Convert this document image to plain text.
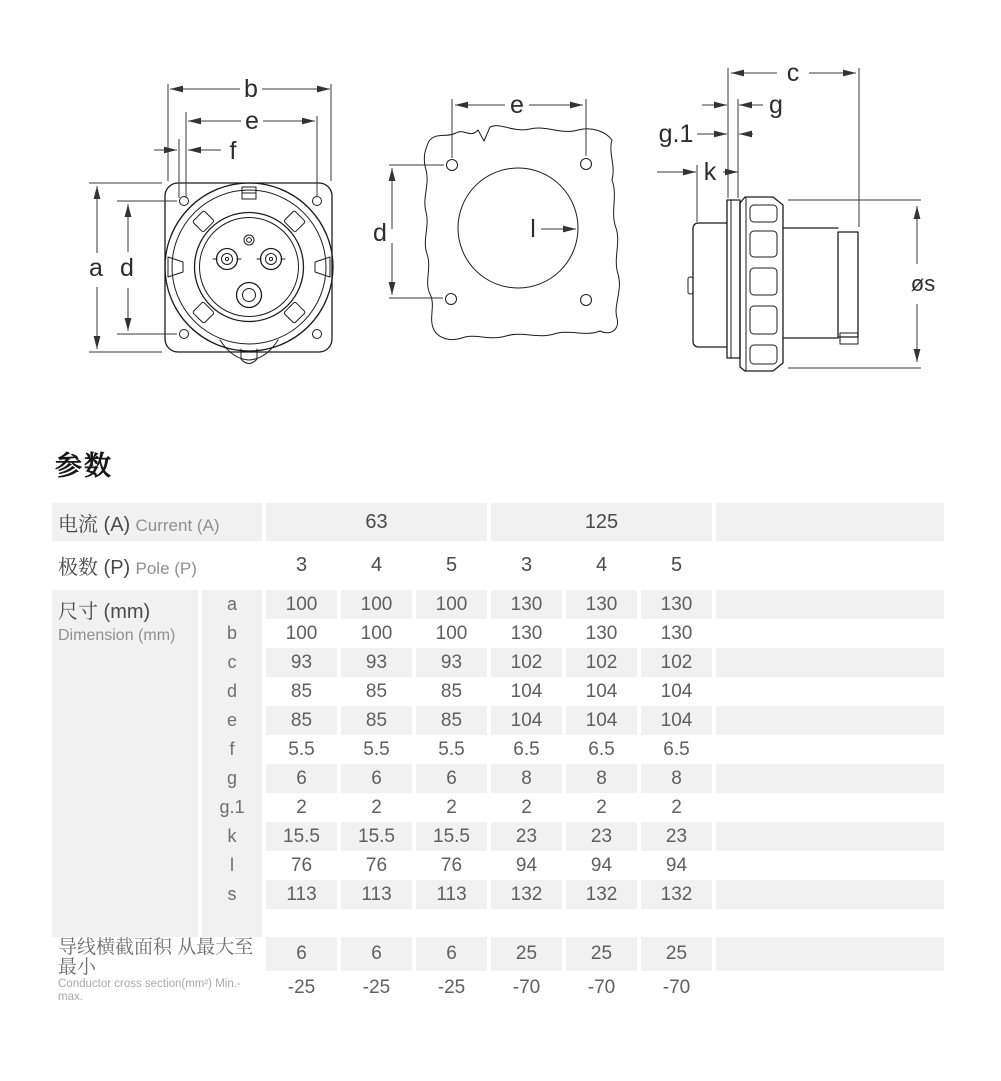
b
e
f
a d
e
d	l
c
g
g.1
k
øs
参数
电流 (A) Current (A)		63			125			
极数 (P) Pole (P)		3	4	5	3	4	5	

尺寸 (mm)
Dimension (mm)	a	100	100	100	130	130	130	
	b	100	100	100	130	130	130	
	c	93	93	93	102	102	102	
	d	85	85	85	104	104	104	
	e	85	85	85	104	104	104	
	f	5.5	5.5	5.5	6.5	6.5	6.5	
	g	6	6	6	8	8	8	
	g.1	2	2	2	2	2	2	
	k	15.5	15.5	15.5	23	23	23	
	l	76	76	76	94	94	94	
	s	113	113	113	132	132	132	

导线横截面积 从最大至最小
Conductor cross section(mm²) Min.-max.		6	6	6	25	25	25	
		-25	-25	-25	-70	-70	-70	
